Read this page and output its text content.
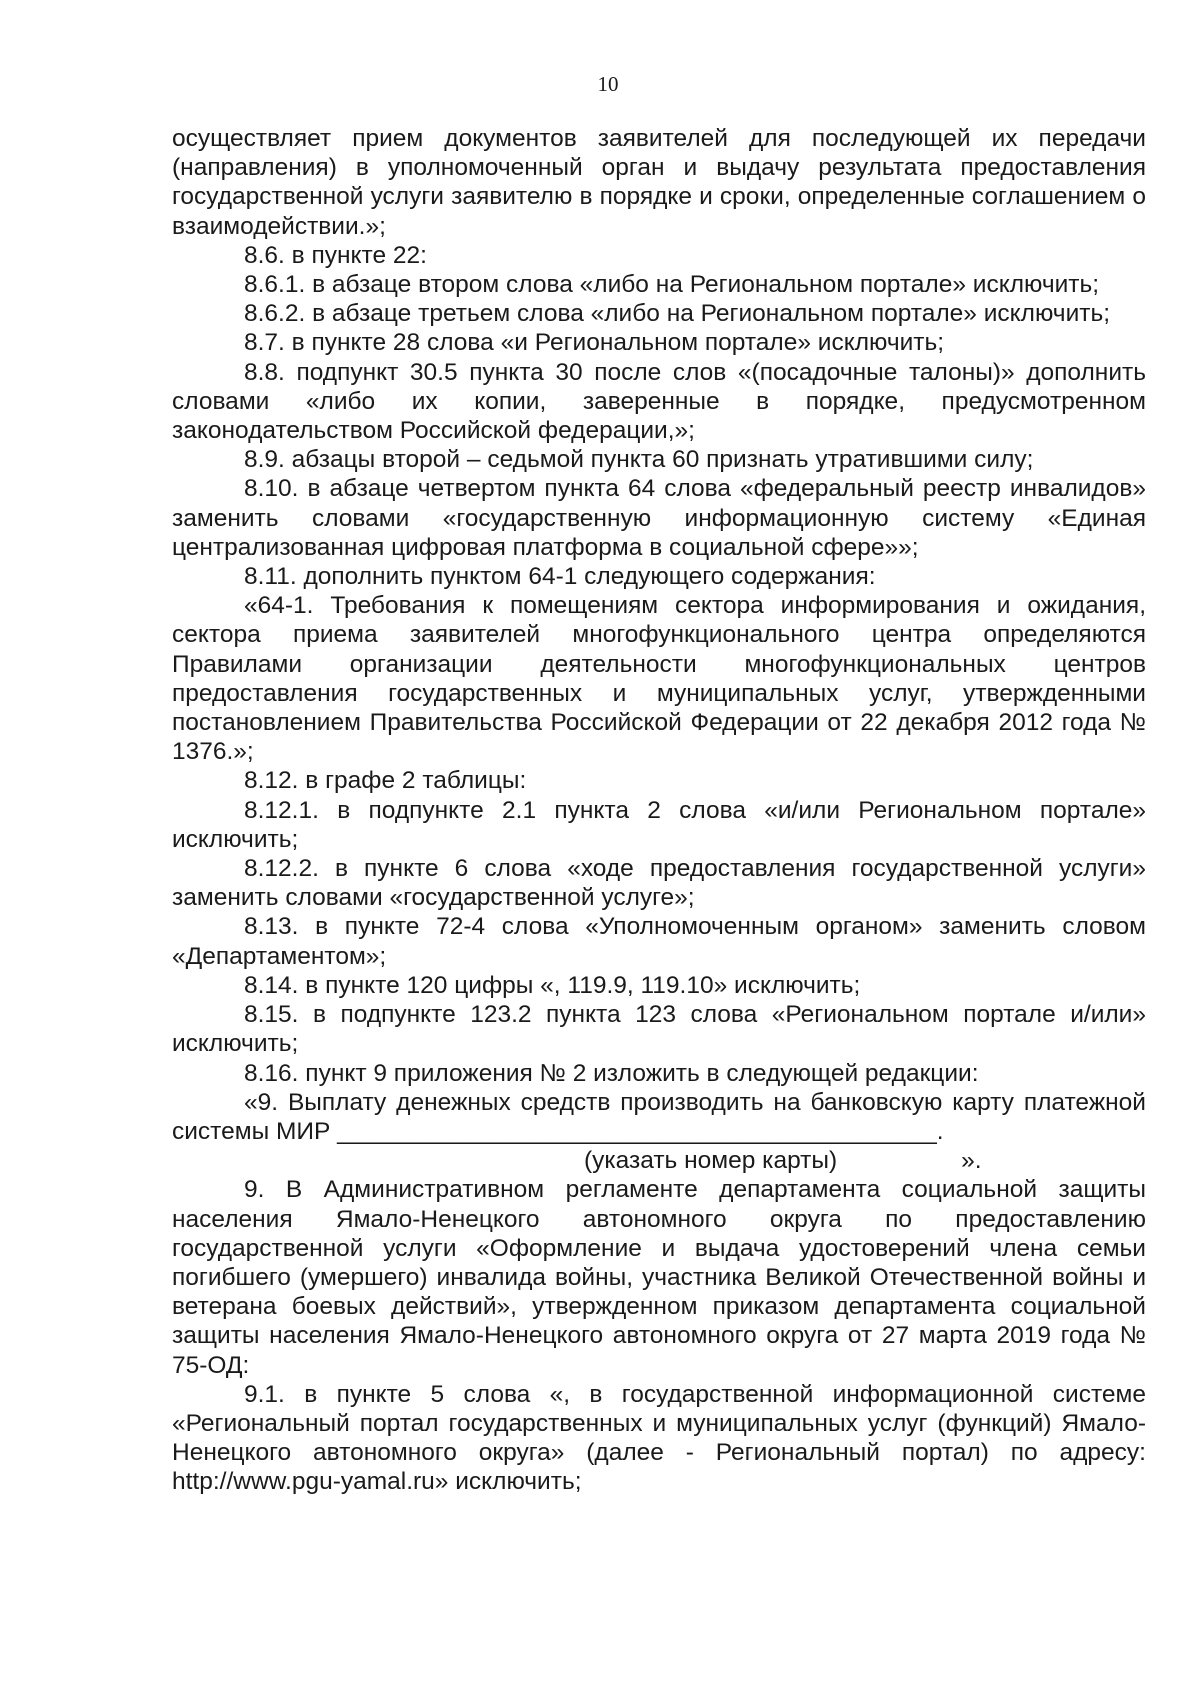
10

осуществляет прием документов заявителей для последующей их передачи (направления) в уполномоченный орган и выдачу результата предоставления государственной услуги заявителю в порядке и сроки, определенные соглашением о взаимодействии.»;

8.6. в пункте 22:

8.6.1. в абзаце втором слова «либо на Региональном портале» исключить;

8.6.2. в абзаце третьем слова «либо на Региональном портале» исключить;

8.7. в пункте 28 слова «и Региональном портале» исключить;

8.8. подпункт 30.5 пункта 30 после слов «(посадочные талоны)» дополнить словами «либо их копии, заверенные в порядке, предусмотренном законодательством Российской федерации,»;

8.9. абзацы второй – седьмой пункта 60 признать утратившими силу;

8.10. в абзаце четвертом пункта 64 слова «федеральный реестр инвалидов» заменить словами «государственную информационную систему «Единая централизованная цифровая платформа в социальной сфере»»;

8.11. дополнить пунктом 64-1 следующего содержания:

«64-1. Требования к помещениям сектора информирования и ожидания, сектора приема заявителей многофункционального центра определяются Правилами организации деятельности многофункциональных центров предоставления государственных и муниципальных услуг, утвержденными постановлением Правительства Российской Федерации от 22 декабря 2012 года № 1376.»;

8.12. в графе 2 таблицы:

8.12.1. в подпункте 2.1 пункта 2 слова «и/или Региональном портале» исключить;

8.12.2. в пункте 6 слова «ходе предоставления государственной услуги» заменить словами «государственной услуге»;

8.13. в пункте 72-4 слова «Уполномоченным органом» заменить словом «Департаментом»;

8.14. в пункте 120 цифры «, 119.9, 119.10» исключить;

8.15. в подпункте 123.2 пункта 123 слова «Региональном портале и/или» исключить;

8.16. пункт 9 приложения № 2 изложить в следующей редакции:

«9. Выплату денежных средств производить на банковскую карту платежной системы МИР ____________________________________________.

(указать номер карты)	».

9. В Административном регламенте департамента социальной защиты населения Ямало-Ненецкого автономного округа по предоставлению государственной услуги «Оформление и выдача удостоверений члена семьи погибшего (умершего) инвалида войны, участника Великой Отечественной войны и ветерана боевых действий», утвержденном приказом департамента социальной защиты населения Ямало-Ненецкого автономного округа от 27 марта 2019 года № 75-ОД:

9.1. в пункте 5 слова «, в государственной информационной системе «Региональный портал государственных и муниципальных услуг (функций) Ямало-Ненецкого автономного округа» (далее - Региональный портал) по адресу: http://www.pgu-yamal.ru» исключить;
